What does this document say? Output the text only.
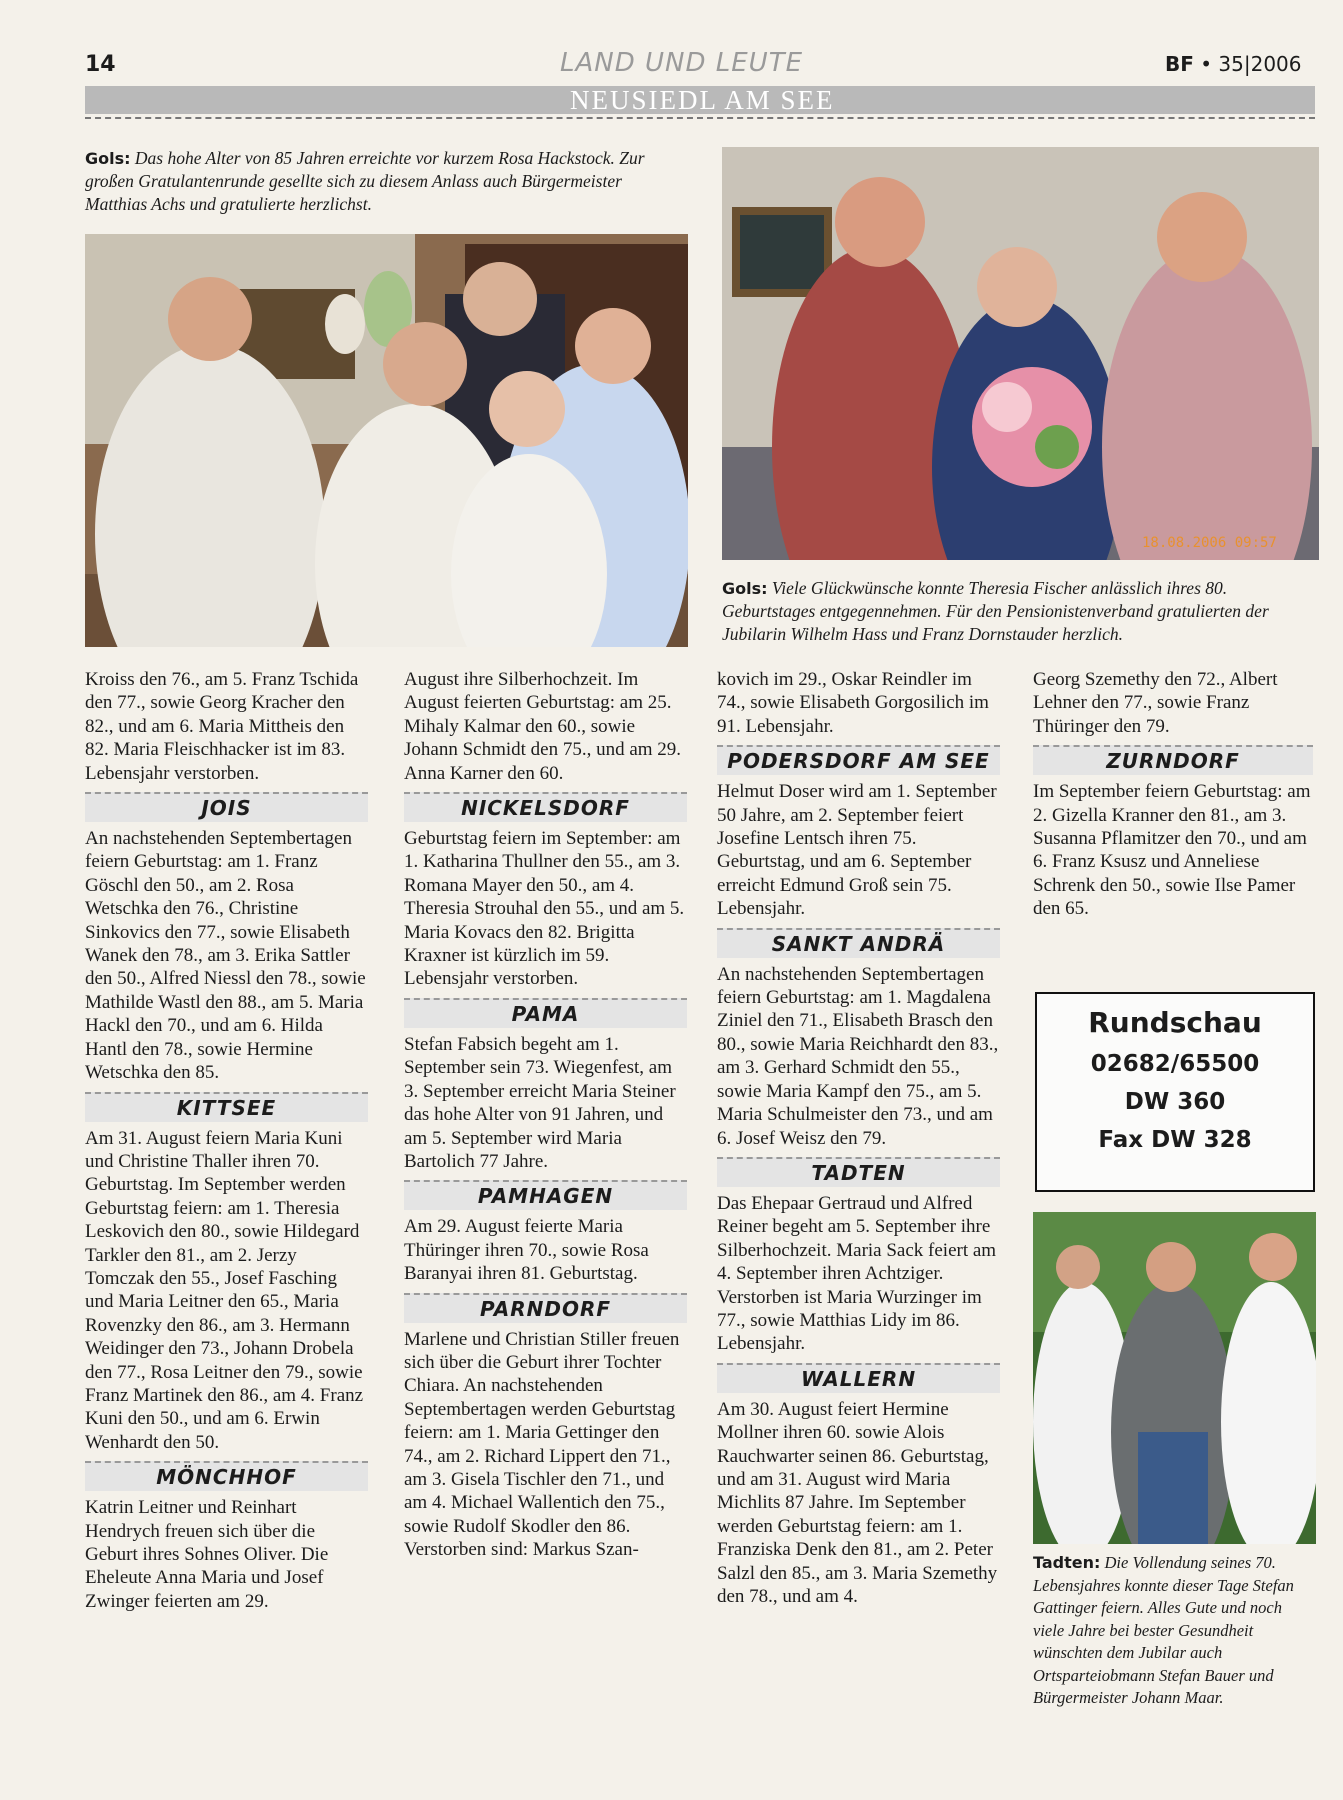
14	LAND UND LEUTE	BF • 35|2006
NEUSIEDL AM SEE
Gols: Das hohe Alter von 85 Jahren erreichte vor kurzem Rosa Hackstock. Zur großen Gratulantenrunde gesellte sich zu diesem Anlass auch Bürgermeister Matthias Achs und gratulierte herzlichst.
18.08.2006 09:57
Gols: Viele Glückwünsche konnte Theresia Fischer anlässlich ihres 80. Geburtstages entgegennehmen. Für den Pensionistenverband gratulierten der Jubilarin Wilhelm Hass und Franz Dornstauder herzlich.

Kroiss den 76., am 5. Franz Tschida den 77., sowie Georg Kracher den 82., und am 6. Maria Mittheis den 82. Maria Fleischhacker ist im 83. Lebensjahr verstorben.

JOIS

An nachstehenden Septembertagen feiern Geburtstag: am 1. Franz Göschl den 50., am 2. Rosa Wetschka den 76., Christine Sinkovics den 77., sowie Elisabeth Wanek den 78., am 3. Erika Sattler den 50., Alfred Niessl den 78., sowie Mathilde Wastl den 88., am 5. Maria Hackl den 70., und am 6. Hilda Hantl den 78., sowie Hermine Wetschka den 85.

KITTSEE

Am 31. August feiern Maria Kuni und Christine Thaller ihren 70. Geburtstag. Im September werden Geburtstag feiern: am 1. Theresia Leskovich den 80., sowie Hildegard Tarkler den 81., am 2. Jerzy Tomczak den 55., Josef Fasching und Maria Leitner den 65., Maria Rovenzky den 86., am 3. Hermann Weidinger den 73., Johann Drobela den 77., Rosa Leitner den 79., sowie Franz Martinek den 86., am 4. Franz Kuni den 50., und am 6. Erwin Wenhardt den 50.

MÖNCHHOF

Katrin Leitner und Reinhart Hendrych freuen sich über die Geburt ihres Sohnes Oliver. Die Eheleute Anna Maria und Josef Zwinger feierten am 29.

August ihre Silberhochzeit. Im August feierten Geburtstag: am 25. Mihaly Kalmar den 60., sowie Johann Schmidt den 75., und am 29. Anna Karner den 60.

NICKELSDORF

Geburtstag feiern im September: am 1. Katharina Thullner den 55., am 3. Romana Mayer den 50., am 4. Theresia Strouhal den 55., und am 5. Maria Kovacs den 82. Brigitta Kraxner ist kürzlich im 59. Lebensjahr verstorben.

PAMA

Stefan Fabsich begeht am 1. September sein 73. Wiegenfest, am 3. September erreicht Maria Steiner das hohe Alter von 91 Jahren, und am 5. September wird Maria Bartolich 77 Jahre.

PAMHAGEN

Am 29. August feierte Maria Thüringer ihren 70., sowie Rosa Baranyai ihren 81. Geburtstag.

PARNDORF

Marlene und Christian Stiller freuen sich über die Geburt ihrer Tochter Chiara. An nachstehenden Septembertagen werden Geburtstag feiern: am 1. Maria Gettinger den 74., am 2. Richard Lippert den 71., am 3. Gisela Tischler den 71., und am 4. Michael Wallentich den 75., sowie Rudolf Skodler den 86. Verstorben sind: Markus Szan-

kovich im 29., Oskar Reindler im 74., sowie Elisabeth Gorgosilich im 91. Lebensjahr.

PODERSDORF AM SEE

Helmut Doser wird am 1. September 50 Jahre, am 2. September feiert Josefine Lentsch ihren 75. Geburtstag, und am 6. September erreicht Edmund Groß sein 75. Lebensjahr.

SANKT ANDRÄ

An nachstehenden Septembertagen feiern Geburtstag: am 1. Magdalena Ziniel den 71., Elisabeth Brasch den 80., sowie Maria Reichhardt den 83., am 3. Gerhard Schmidt den 55., sowie Maria Kampf den 75., am 5. Maria Schulmeister den 73., und am 6. Josef Weisz den 79.

TADTEN

Das Ehepaar Gertraud und Alfred Reiner begeht am 5. September ihre Silberhochzeit. Maria Sack feiert am 4. September ihren Achtziger. Verstorben ist Maria Wurzinger im 77., sowie Matthias Lidy im 86. Lebensjahr.

WALLERN

Am 30. August feiert Hermine Mollner ihren 60. sowie Alois Rauchwarter seinen 86. Geburtstag, und am 31. August wird Maria Michlits 87 Jahre. Im September werden Geburtstag feiern: am 1. Franziska Denk den 81., am 2. Peter Salzl den 85., am 3. Maria Szemethy den 78., und am 4.

Georg Szemethy den 72., Albert Lehner den 77., sowie Franz Thüringer den 79.

ZURNDORF

Im September feiern Geburtstag: am 2. Gizella Kranner den 81., am 3. Susanna Pflamitzer den 70., und am 6. Franz Ksusz und Anneliese Schrenk den 50., sowie Ilse Pamer den 65.

Rundschau
02682/65500
DW 360
Fax DW 328
Tadten: Die Vollendung seines 70. Lebensjahres konnte dieser Tage Stefan Gattinger feiern. Alles Gute und noch viele Jahre bei bester Gesundheit wünschten dem Jubilar auch Ortsparteiobmann Stefan Bauer und Bürgermeister Johann Maar.
